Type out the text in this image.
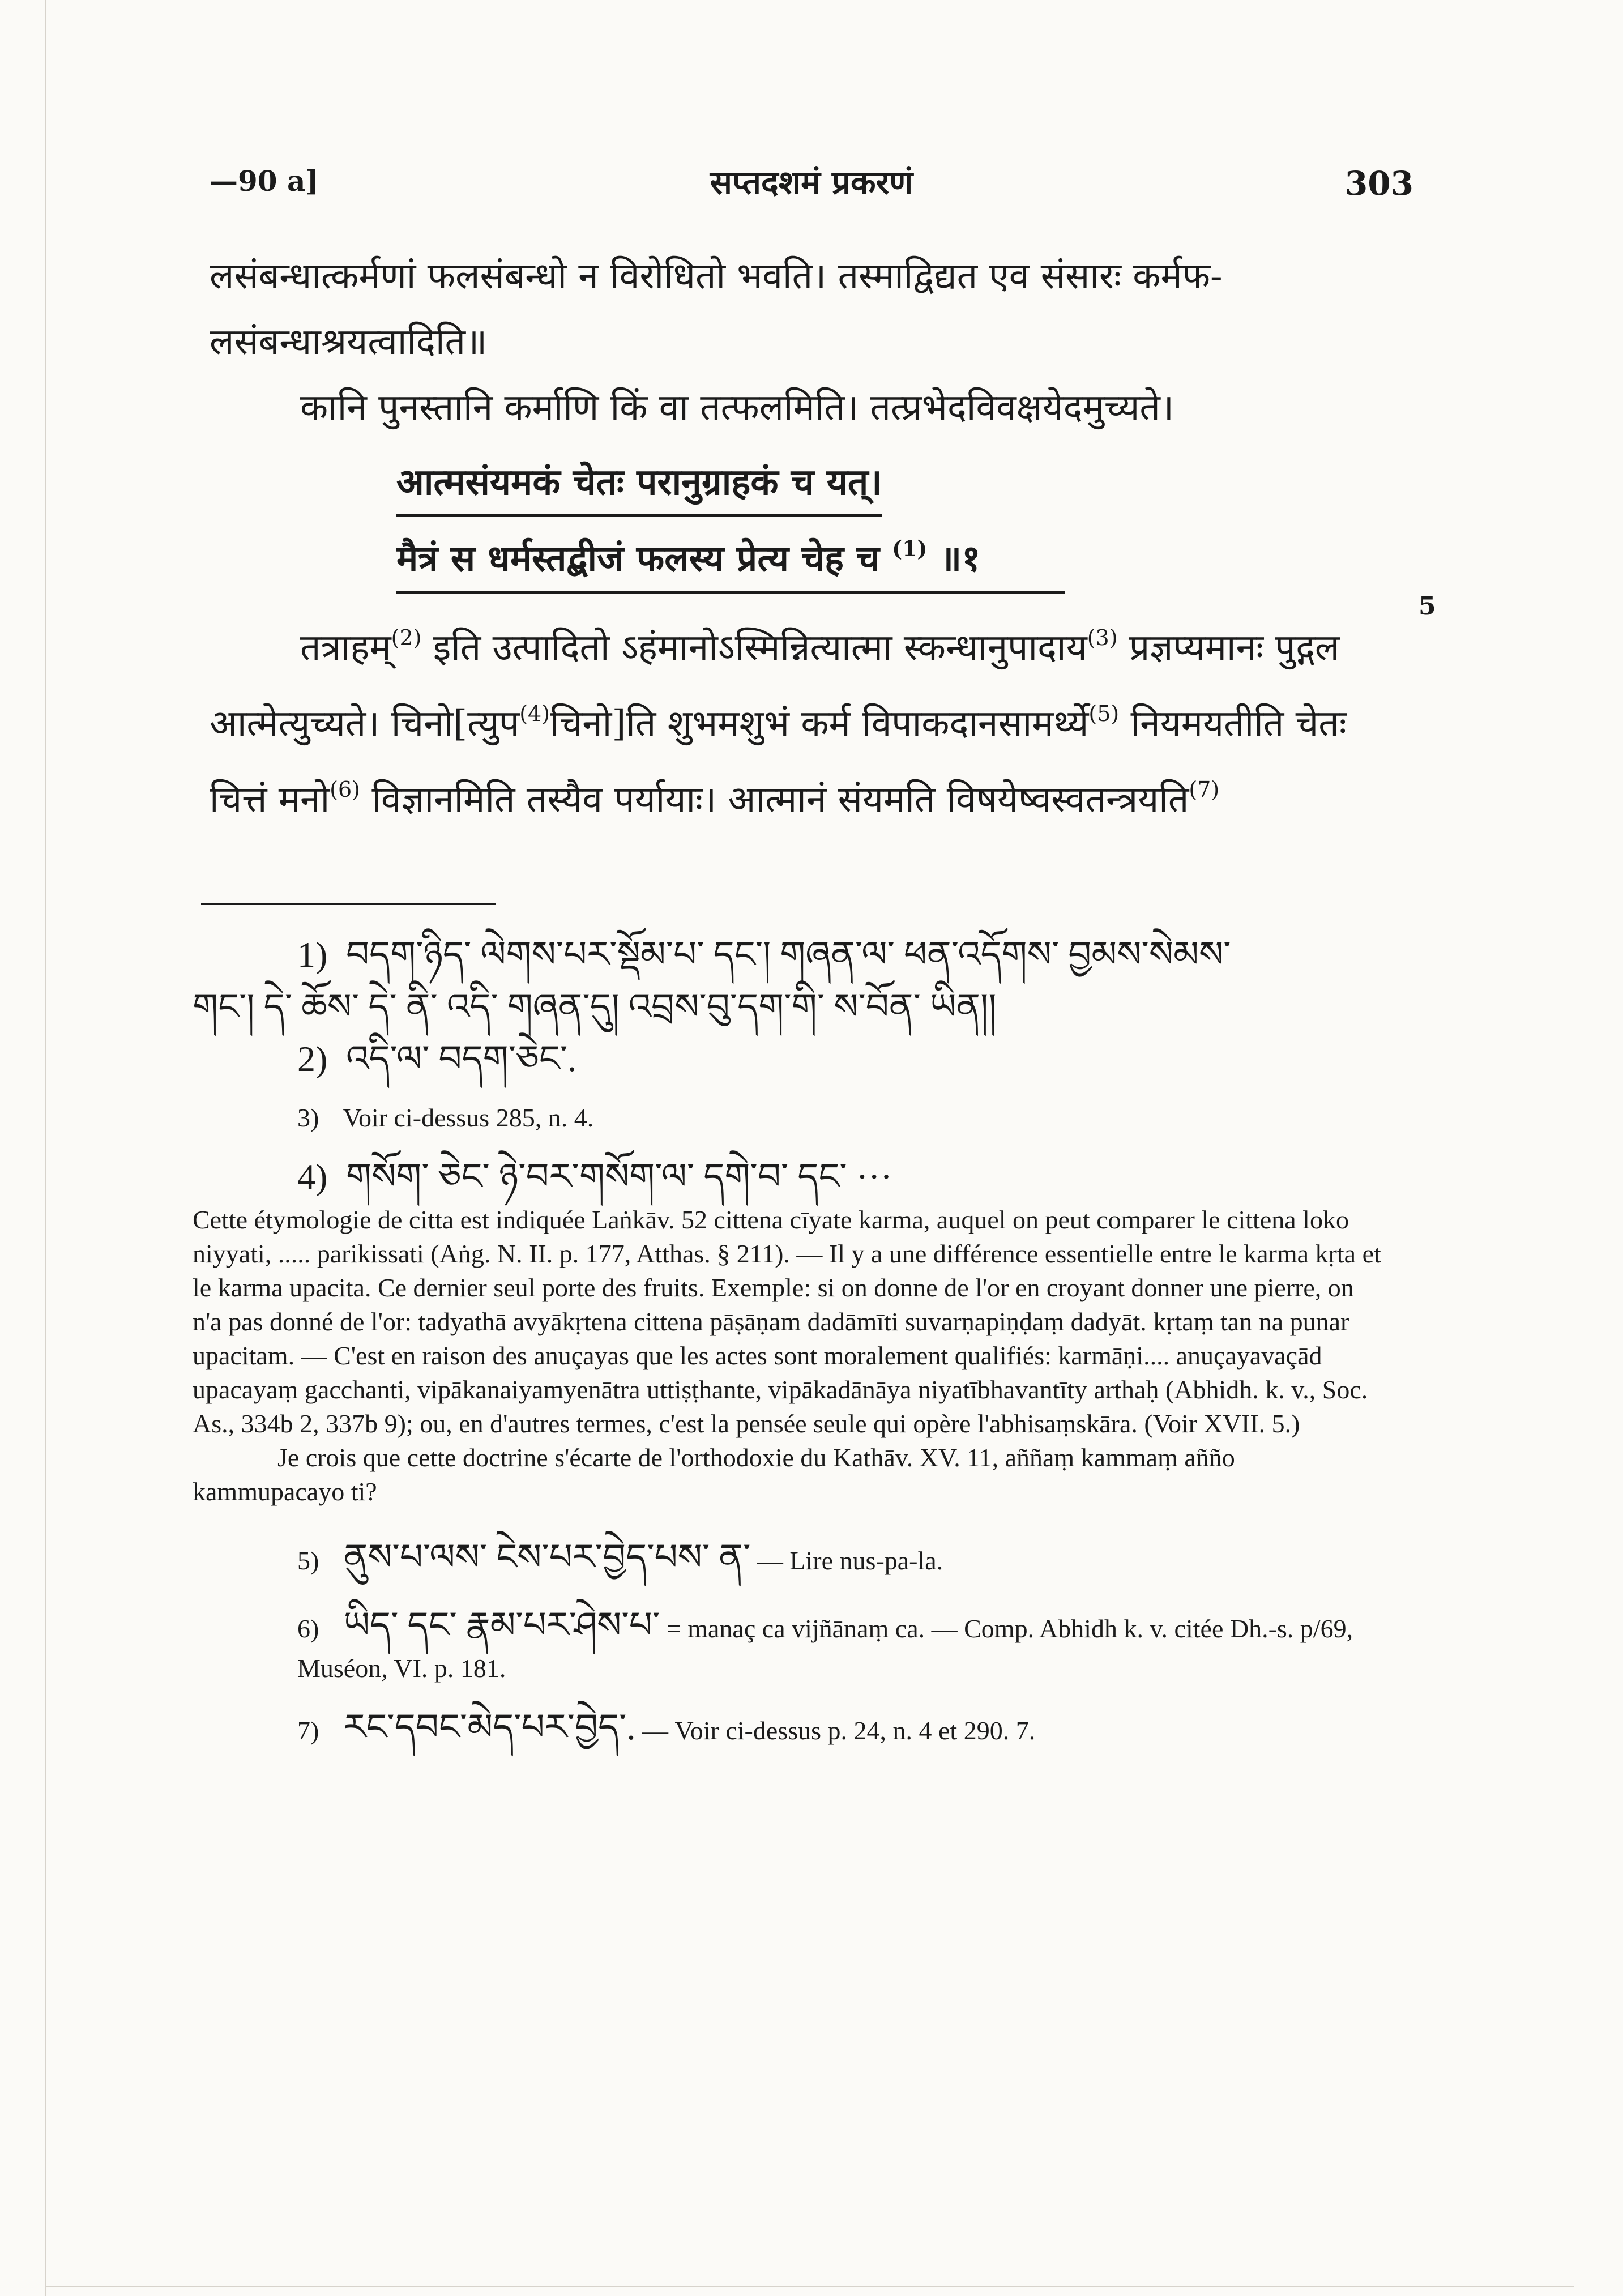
—90 a]	सप्तदशमं प्रकरणं	303
5

लसंबन्धात्कर्मणां फलसंबन्धो न विरोधितो भवति। तस्माद्विद्यत एव संसारः कर्मफ-

लसंबन्धाश्रयत्वादिति॥

कानि पुनस्तानि कर्माणि किं वा तत्फलमिति। तत्प्रभेदविवक्षयेदमुच्यते।

आत्मसंयमकं चेतः परानुग्राहकं च यत्।
मैत्रं स धर्मस्तद्बीजं फलस्य प्रेत्य चेह च $^{(1)}$ ॥१

तत्राहम्$^{(2)}$ इति उत्पादितो ऽहंमानोऽस्मिन्नित्यात्मा स्कन्धानुपादाय$^{(3)}$ प्रज्ञप्यमानः पुद्गल आत्मेत्युच्यते। चिनो[त्युप$^{(4)}$चिनो]ति शुभमशुभं कर्म विपाकदानसामर्थ्ये$^{(5)}$ नियमयतीति चेतः चित्तं मनो$^{(6)}$ विज्ञानमिति तस्यैव पर्यायाः। आत्मानं संयमति विषयेष्वस्वतन्त्रयति$^{(7)}$

1) བདག་ཉིད་ ལེགས་པར་སྡོམ་པ་ དང་། གཞན་ལ་ ཕན་འདོགས་ བྱམས་སེམས་

གང་། དེ་ ཆོས་ དེ་ ནི་ འདི་ གཞན་དུ། འབྲས་བུ་དག་གི་ ས་བོན་ ཡིན།།

2) འདི་ལ་ བདག་ཅེང་.

3) Voir ci-dessus 285, n. 4.

4) གསོག་ ཅེང་ ཉེ་བར་གསོག་ལ་ དགེ་བ་ དང་ ···

Cette étymologie de citta est indiquée Laṅkāv. 52 cittena cīyate karma, auquel on peut comparer le cittena loko niyyati, ..... parikissati (Aṅg. N. II. p. 177, Atthas. § 211). — Il y a une différence essentielle entre le karma kṛta et le karma upacita. Ce dernier seul porte des fruits. Exemple: si on donne de l'or en croyant donner une pierre, on n'a pas donné de l'or: tadyathā avyākṛtena cittena pāṣāṇam dadāmīti suvarṇapiṇḍaṃ dadyāt. kṛtaṃ tan na punar upacitam. — C'est en raison des anuçayas que les actes sont moralement qualifiés: karmāṇi.... anuçayavaçād upacayaṃ gacchanti, vipākanaiyamyenātra uttiṣṭhante, vipākadānāya niyatībhavantīty arthaḥ (Abhidh. k. v., Soc. As., 334b 2, 337b 9); ou, en d'autres termes, c'est la pensée seule qui opère l'abhisaṃskāra. (Voir XVII. 5.)

Je crois que cette doctrine s'écarte de l'orthodoxie du Kathāv. XV. 11, aññaṃ kammaṃ añño kammupacayo ti?

5) ནུས་པ་ལས་ ངེས་པར་བྱེད་པས་ ན་ — Lire nus-pa-la.

6) ཡིད་ དང་ རྣམ་པར་ཤེས་པ་ = manaç ca vijñānaṃ ca. — Comp. Abhidh k. v. citée Dh.-s. p/69, Muséon, VI. p. 181.

7) རང་དབང་མེད་པར་བྱེད་. — Voir ci-dessus p. 24, n. 4 et 290. 7.
